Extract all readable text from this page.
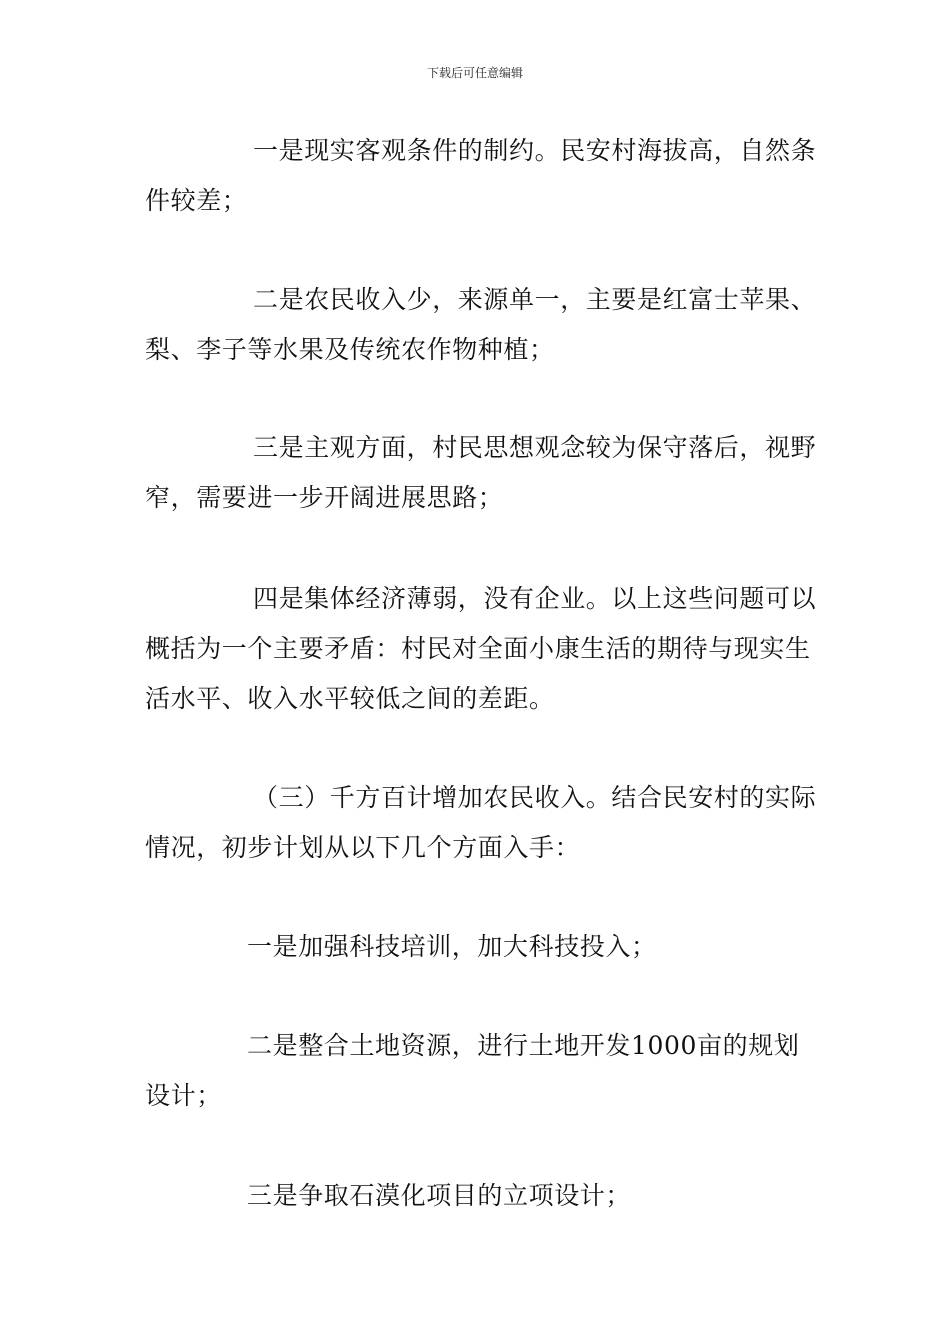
下载后可任意编辑

一是现实客观条件的制约。民安村海拔高，自然条件较差；

二是农民收入少，来源单一，主要是红富士苹果、梨、李子等水果及传统农作物种植；

三是主观方面，村民思想观念较为保守落后，视野窄，需要进一步开阔进展思路；

四是集体经济薄弱，没有企业。以上这些问题可以概括为一个主要矛盾：村民对全面小康生活的期待与现实生活水平、收入水平较低之间的差距。

（三）千方百计增加农民收入。结合民安村的实际情况，初步计划从以下几个方面入手：

一是加强科技培训，加大科技投入；

二是整合土地资源，进行土地开发1000亩的规划设计；

三是争取石漠化项目的立项设计；
